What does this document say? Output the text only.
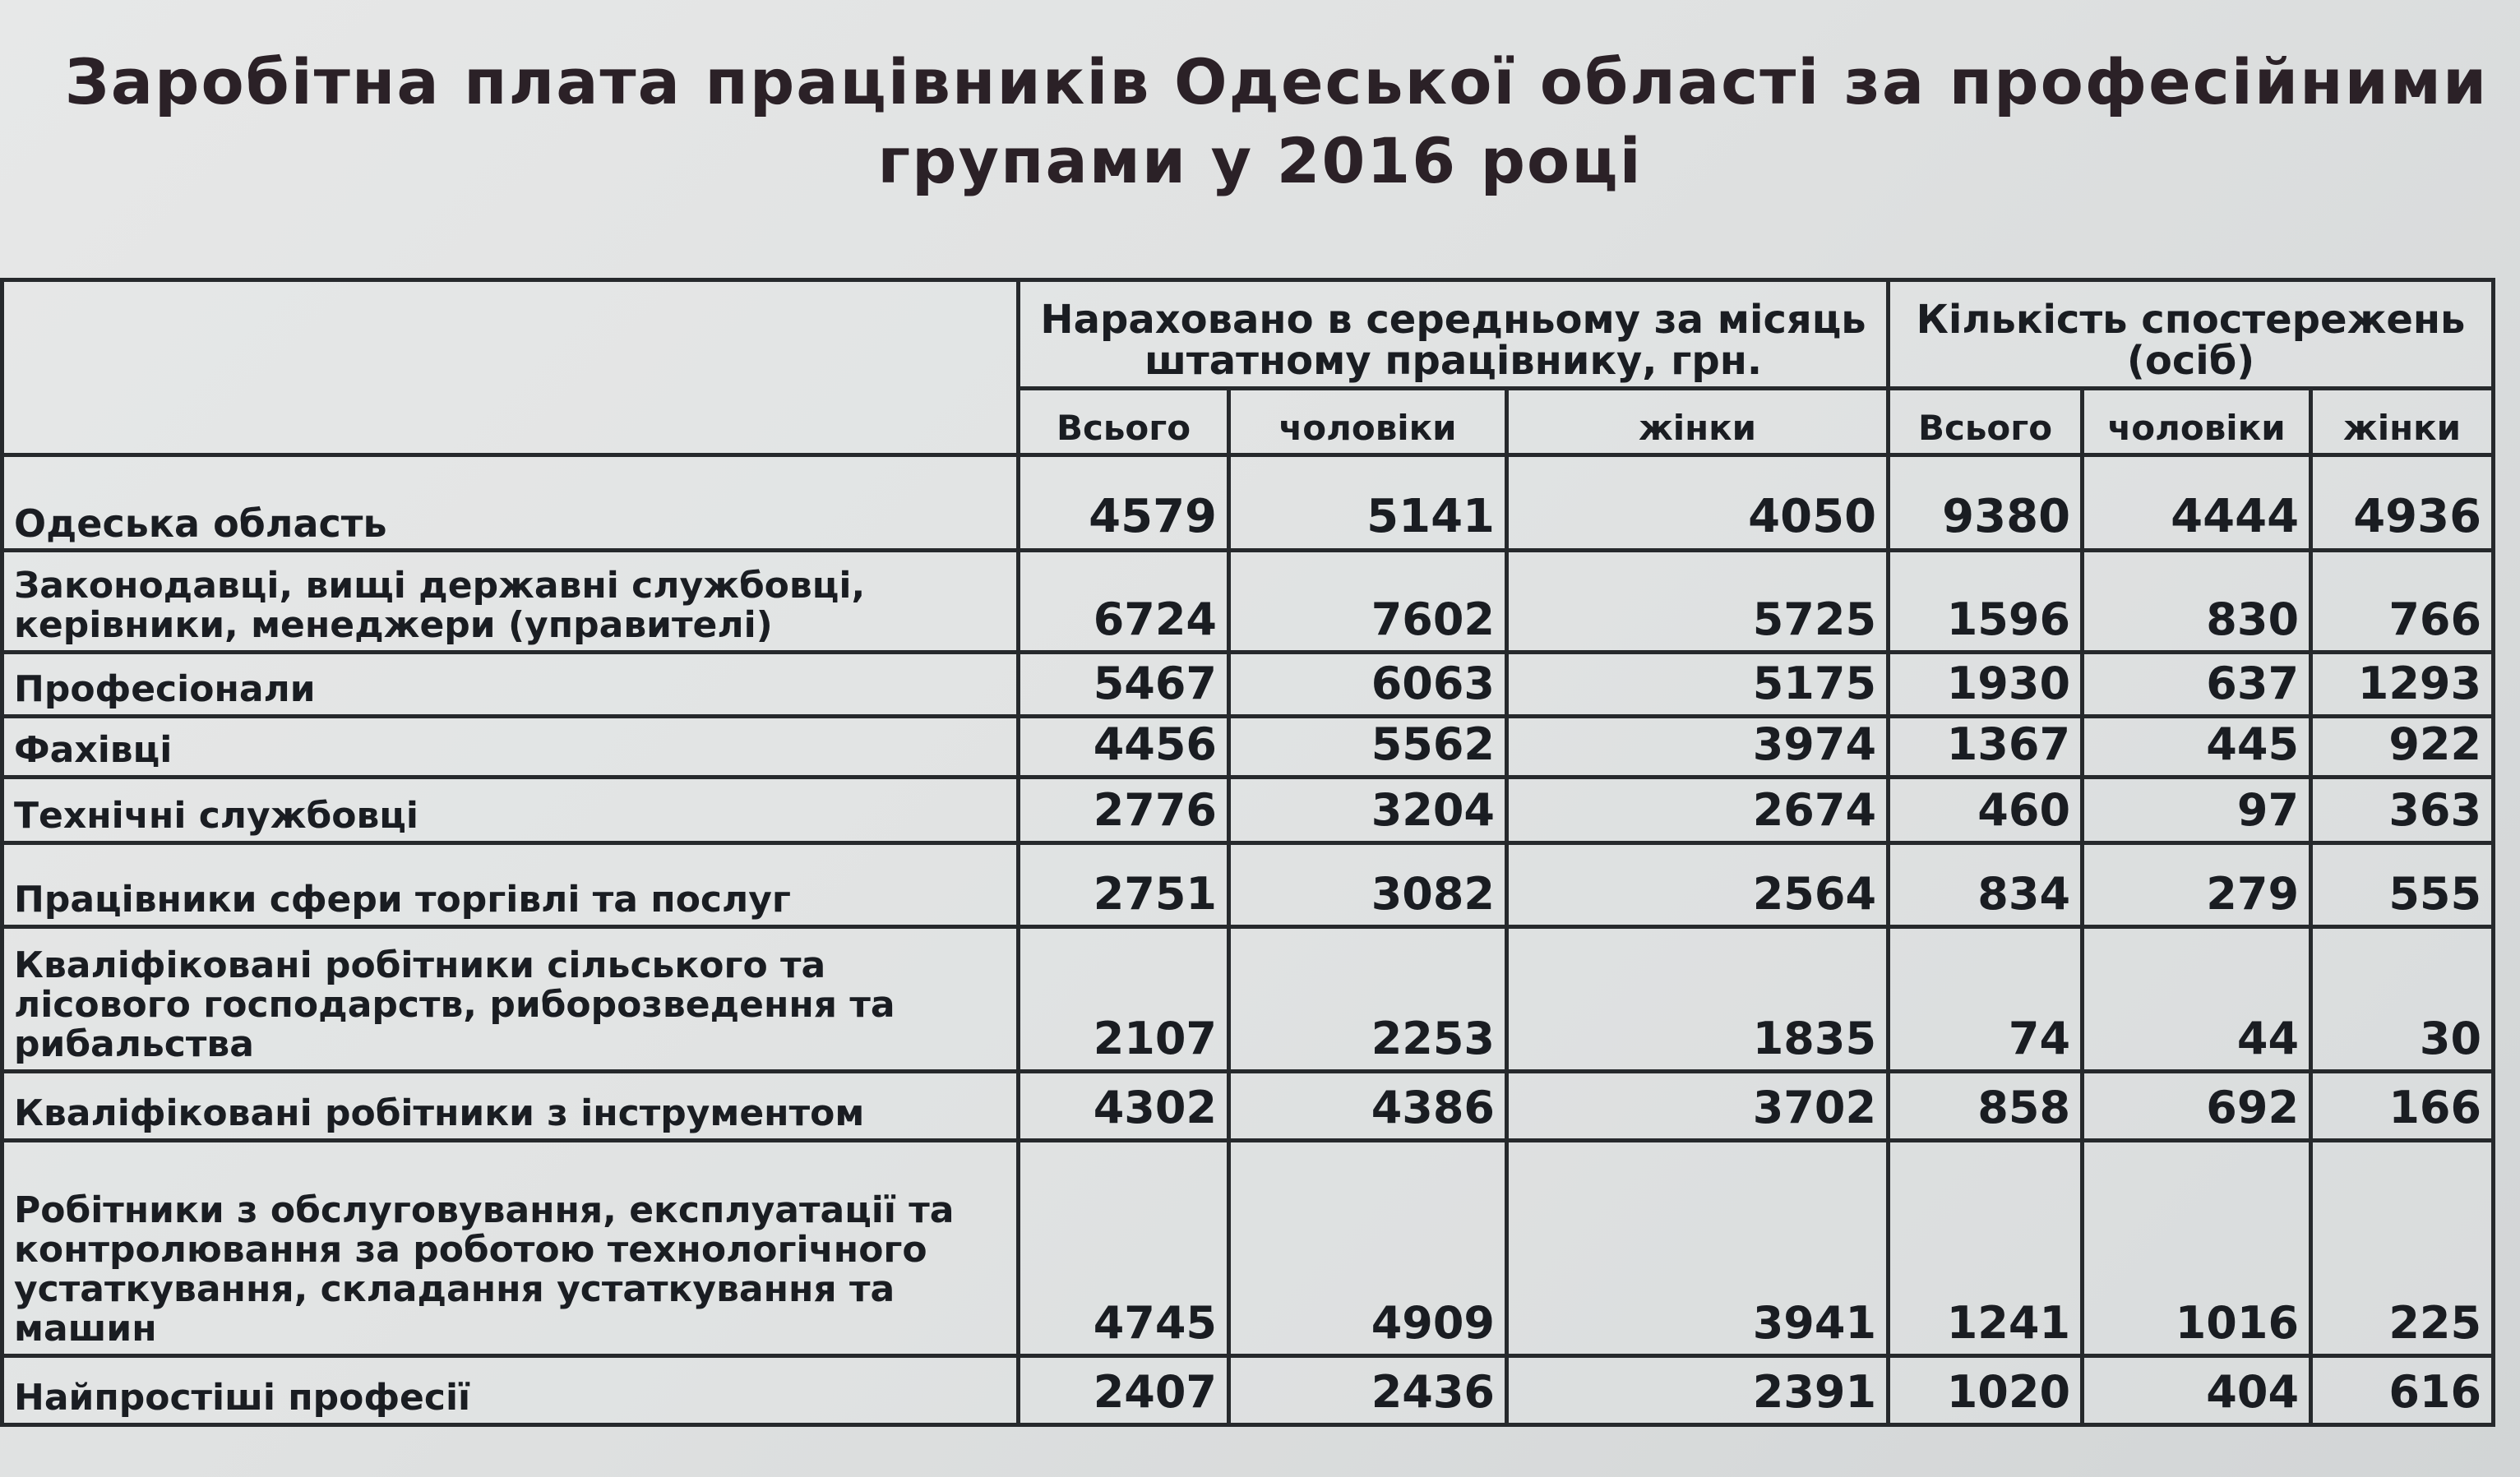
Заробітна плата працівників Одеської області за професійними
групами у 2016 році
	Нараховано в середньому за місяць штатному працівнику, грн.			Кількість спостережень (осіб)		
	Всього	чоловіки	жінки	Всього	чоловіки	жінки
Одеська область	4579	5141	4050	9380	4444	4936
Законодавці, вищі державні службовці, керівники, менеджери (управителі)	6724	7602	5725	1596	830	766
Професіонали	5467	6063	5175	1930	637	1293
Фахівці	4456	5562	3974	1367	445	922
Технічні службовці	2776	3204	2674	460	97	363
Працівники сфери торгівлі та послуг	2751	3082	2564	834	279	555
Кваліфіковані робітники сільського та лісового господарств, риборозведення та рибальства	2107	2253	1835	74	44	30
Кваліфіковані робітники з інструментом	4302	4386	3702	858	692	166
Робітники з обслуговування, експлуатації та контролювання за роботою технологічного устаткування, складання устаткування та машин	4745	4909	3941	1241	1016	225
Найпростіші професії	2407	2436	2391	1020	404	616
